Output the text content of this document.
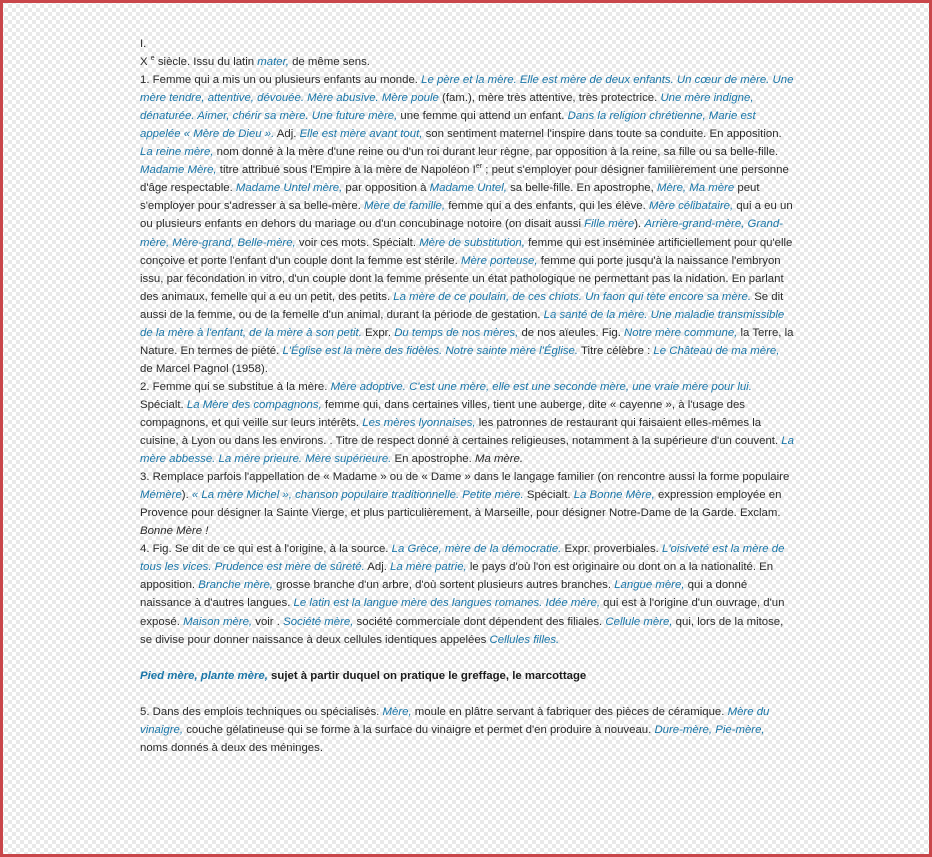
I.

X $^e$ siècle. Issu du latin mater, de même sens.

1. Femme qui a mis un ou plusieurs enfants au monde. Le père et la mère. Elle est mère de deux enfants. Un cœur de mère. Une mère tendre, attentive, dévouée. Mère abusive. Mère poule (fam.), mère très attentive, très protectrice. Une mère indigne, dénaturée. Aimer, chérir sa mère. Une future mère, une femme qui attend un enfant. Dans la religion chrétienne, Marie est appelée « Mère de Dieu ». Adj. Elle est mère avant tout, son sentiment maternel l'inspire dans toute sa conduite. En apposition. La reine mère, nom donné à la mère d'une reine ou d'un roi durant leur règne, par opposition à la reine, sa fille ou sa belle-fille. Madame Mère, titre attribué sous l'Empire à la mère de Napoléon Ier ; peut s'employer pour désigner familièrement une personne d'âge respectable. Madame Untel mère, par opposition à Madame Untel, sa belle-fille. En apostrophe, Mère, Ma mère peut s'employer pour s'adresser à sa belle-mère. Mère de famille, femme qui a des enfants, qui les élève. Mère célibataire, qui a eu un ou plusieurs enfants en dehors du mariage ou d'un concubinage notoire (on disait aussi Fille mère). Arrière-grand-mère, Grand-mère, Mère-grand, Belle-mère, voir ces mots. Spécialt. Mère de substitution, femme qui est inséminée artificiellement pour qu'elle conçoive et porte l'enfant d'un couple dont la femme est stérile. Mère porteuse, femme qui porte jusqu'à la naissance l'embryon issu, par fécondation in vitro, d'un couple dont la femme présente un état pathologique ne permettant pas la nidation. En parlant des animaux, femelle qui a eu un petit, des petits. La mère de ce poulain, de ces chiots. Un faon qui tète encore sa mère. Se dit aussi de la femme, ou de la femelle d'un animal, durant la période de gestation. La santé de la mère. Une maladie transmissible de la mère à l'enfant, de la mère à son petit. Expr. Du temps de nos mères, de nos aïeules. Fig. Notre mère commune, la Terre, la Nature. En termes de piété. L'Église est la mère des fidèles. Notre sainte mère l'Église. Titre célèbre : Le Château de ma mère, de Marcel Pagnol (1958).

2. Femme qui se substitue à la mère. Mère adoptive. C'est une mère, elle est une seconde mère, une vraie mère pour lui. Spécialt. La Mère des compagnons, femme qui, dans certaines villes, tient une auberge, dite « cayenne », à l'usage des compagnons, et qui veille sur leurs intérêts. Les mères lyonnaises, les patronnes de restaurant qui faisaient elles-mêmes la cuisine, à Lyon ou dans les environs. . Titre de respect donné à certaines religieuses, notamment à la supérieure d'un couvent. La mère abbesse. La mère prieure. Mère supérieure. En apostrophe. Ma mère.

3. Remplace parfois l'appellation de « Madame » ou de « Dame » dans le langage familier (on rencontre aussi la forme populaire Mémère). « La mère Michel », chanson populaire traditionnelle. Petite mère. Spécialt. La Bonne Mère, expression employée en Provence pour désigner la Sainte Vierge, et plus particulièrement, à Marseille, pour désigner Notre-Dame de la Garde. Exclam. Bonne Mère !

4. Fig. Se dit de ce qui est à l'origine, à la source. La Grèce, mère de la démocratie. Expr. proverbiales. L'oisiveté est la mère de tous les vices. Prudence est mère de sûreté. Adj. La mère patrie, le pays d'où l'on est originaire ou dont on a la nationalité. En apposition. Branche mère, grosse branche d'un arbre, d'où sortent plusieurs autres branches. Langue mère, qui a donné naissance à d'autres langues. Le latin est la langue mère des langues romanes. Idée mère, qui est à l'origine d'un ouvrage, d'un exposé. Maison mère, voir . Société mère, société commerciale dont dépendent des filiales. Cellule mère, qui, lors de la mitose, se divise pour donner naissance à deux cellules identiques appelées Cellules filles.

Pied mère, plante mère, sujet à partir duquel on pratique le greffage, le marcottage

5. Dans des emplois techniques ou spécialisés. Mère, moule en plâtre servant à fabriquer des pièces de céramique. Mère du vinaigre, couche gélatineuse qui se forme à la surface du vinaigre et permet d'en produire à nouveau. Dure-mère, Pie-mère, noms donnés à deux des méninges.
